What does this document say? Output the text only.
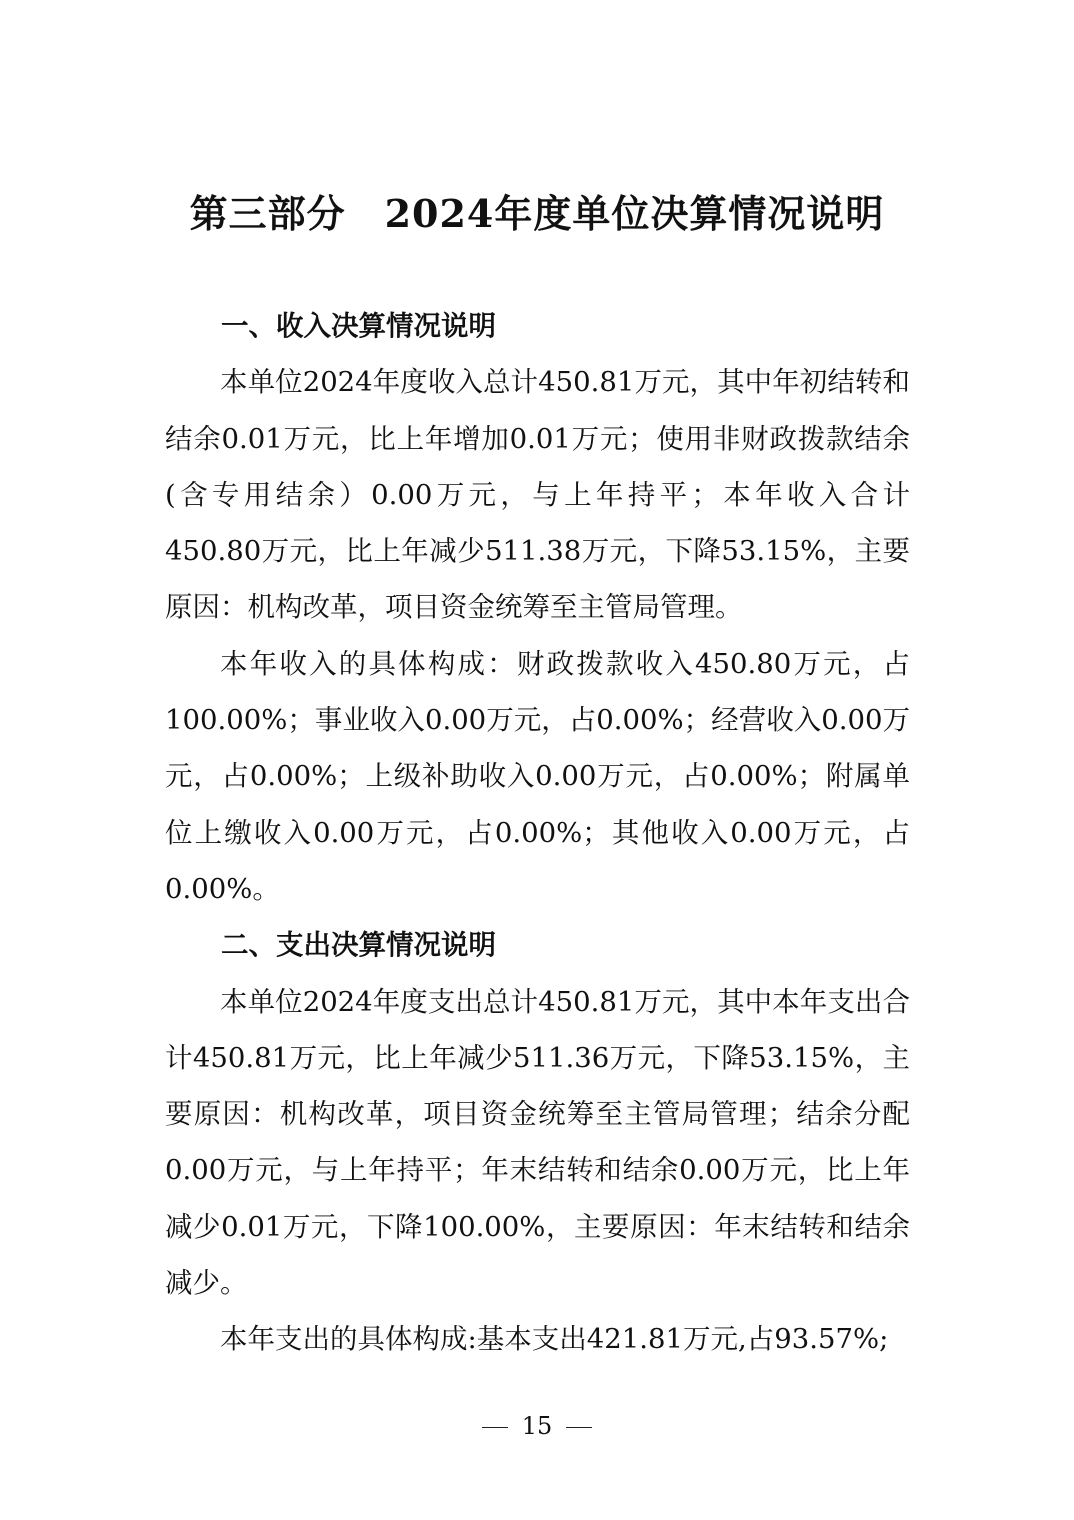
第三部分　2024年度单位决算情况说明
一、收入决算情况说明

本单位2024年度收入总计450.81万元，其中年初结转和结余0.01万元，比上年增加0.01万元；使用非财政拨款结余(含专用结余）0.00万元，与上年持平；本年收入合计450.80万元，比上年减少511.38万元，下降53.15%，主要原因：机构改革，项目资金统筹至主管局管理。

本年收入的具体构成：财政拨款收入450.80万元，占100.00%；事业收入0.00万元，占0.00%；经营收入0.00万元，占0.00%；上级补助收入0.00万元，占0.00%；附属单位上缴收入0.00万元，占0.00%；其他收入0.00万元，占0.00%。

二、支出决算情况说明

本单位2024年度支出总计450.81万元，其中本年支出合计450.81万元，比上年减少511.36万元，下降53.15%，主要原因：机构改革，项目资金统筹至主管局管理；结余分配0.00万元，与上年持平；年末结转和结余0.00万元，比上年减少0.01万元，下降100.00%，主要原因：年末结转和结余减少。

本年支出的具体构成:基本支出421.81万元,占93.57%;

15
